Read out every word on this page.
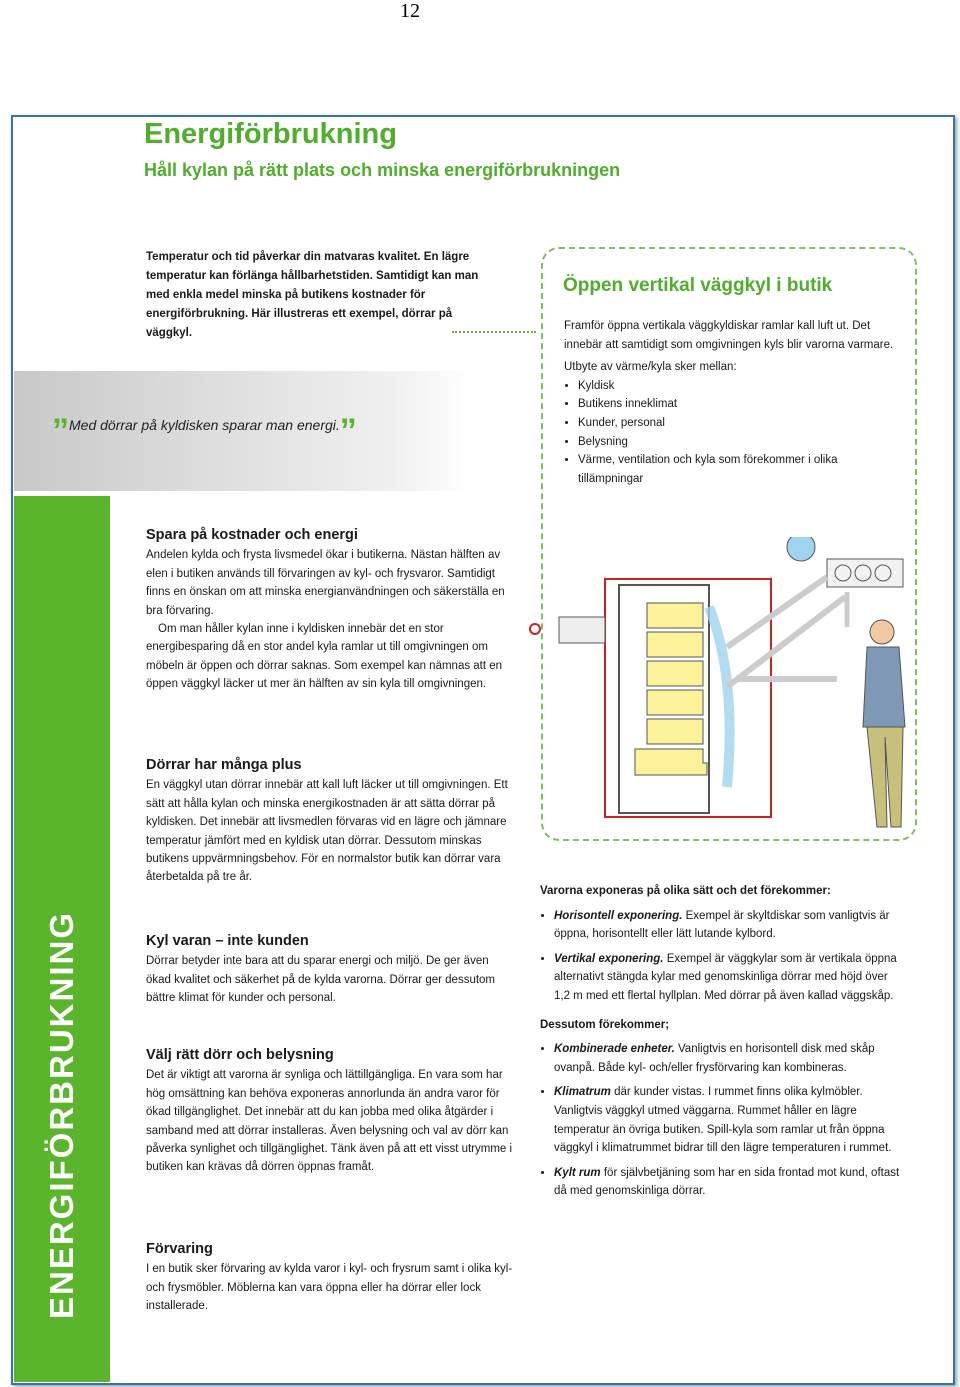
12
ENERGIFÖRBRUKNING
Energiförbrukning
Håll kylan på rätt plats och minska energiförbrukningen
Temperatur och tid påverkar din matvaras kvalitet. En lägre temperatur kan förlänga hållbarhetstiden. Samtidigt kan man med enkla medel minska på butikens kostnader för energiförbrukning. Här illustreras ett exempel, dörrar på väggkyl.
”Med dörrar på kyldisken sparar man energi.”
Spara på kostnader och energi

Andelen kylda och frysta livsmedel ökar i butikerna. Nästan hälften av elen i butiken används till förvaringen av kyl- och frysvaror. Samtidigt finns en önskan om att minska energianvändningen och säkerställa en bra förvaring.

Om man håller kylan inne i kyldisken innebär det en stor energibesparing då en stor andel kyla ramlar ut till omgivningen om möbeln är öppen och dörrar saknas. Som exempel kan nämnas att en öppen väggkyl läcker ut mer än hälften av sin kyla till omgivningen.

Dörrar har många plus

En väggkyl utan dörrar innebär att kall luft läcker ut till omgivningen. Ett sätt att hålla kylan och minska energikostnaden är att sätta dörrar på kyldisken. Det innebär att livsmedlen förvaras vid en lägre och jämnare temperatur jämfört med en kyldisk utan dörrar. Dessutom minskas butikens uppvärmningsbehov. För en normalstor butik kan dörrar vara återbetalda på tre år.

Kyl varan – inte kunden

Dörrar betyder inte bara att du sparar energi och miljö. De ger även ökad kvalitet och säkerhet på de kylda varorna. Dörrar ger dessutom bättre klimat för kunder och personal.

Välj rätt dörr och belysning

Det är viktigt att varorna är synliga och lättillgängliga. En vara som har hög omsättning kan behöva exponeras annorlunda än andra varor för ökad tillgänglighet. Det innebär att du kan jobba med olika åtgärder i samband med att dörrar installeras. Även belysning och val av dörr kan påverka synlighet och tillgänglighet. Tänk även på att ett visst utrymme i butiken kan krävas då dörren öppnas framåt.

Förvaring

I en butik sker förvaring av kylda varor i kyl- och frysrum samt i olika kyl- och frysmöbler. Möblerna kan vara öppna eller ha dörrar eller lock installerade.

Öppen vertikal väggkyl i butik
Framför öppna vertikala väggkyldiskar ramlar kall luft ut. Det innebär att samtidigt som omgivningen kyls blir varorna varmare.
Utbyte av värme/kyla sker mellan:
• Kyldisk
• Butikens inneklimat
• Kunder, personal
• Belysning
• Värme, ventilation och kyla som förekommer i olika tillämpningar

Varorna exponeras på olika sätt och det förekommer:

• Horisontell exponering. Exempel är skyltdiskar som vanligtvis är öppna, horisontellt eller lätt lutande kylbord.
• Vertikal exponering. Exempel är väggkylar som är vertikala öppna alternativt stängda kylar med genomskinliga dörrar med höjd över 1,2 m med ett flertal hyllplan. Med dörrar på även kallad väggskåp.

Dessutom förekommer;

• Kombinerade enheter. Vanligtvis en horisontell disk med skåp ovanpå. Både kyl- och/eller frysförvaring kan kombineras.
• Klimatrum där kunder vistas. I rummet finns olika kylmöbler. Vanligtvis väggkyl utmed väggarna. Rummet håller en lägre temperatur än övriga butiken. Spill-kyla som ramlar ut från öppna väggkyl i klimatrummet bidrar till den lägre temperaturen i rummet.
• Kylt rum för självbetjäning som har en sida frontad mot kund, oftast då med genomskinliga dörrar.
